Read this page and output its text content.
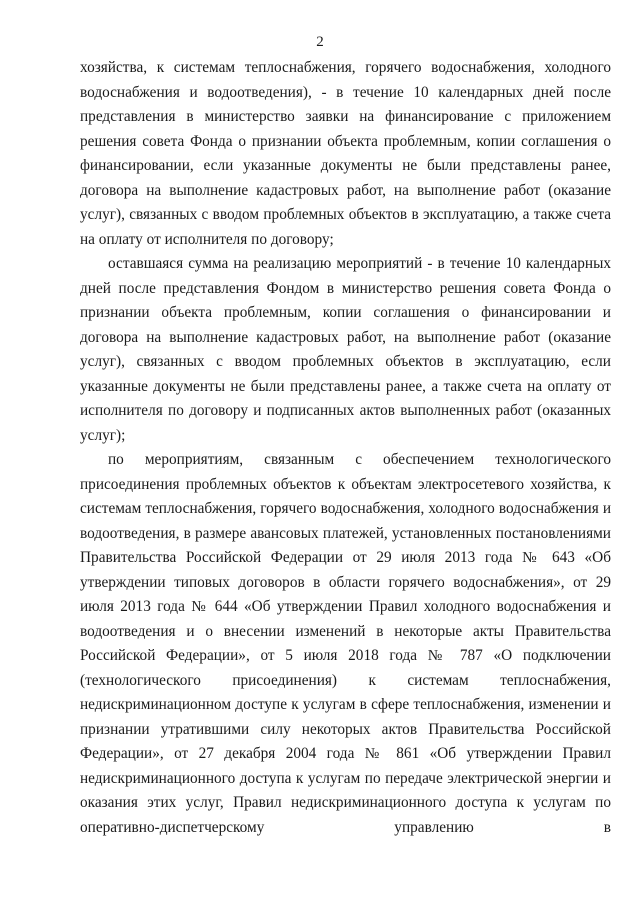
2

хозяйства, к системам теплоснабжения, горячего водоснабжения, холодного водоснабжения и водоотведения), - в течение 10 календарных дней после представления в министерство заявки на финансирование с приложением решения совета Фонда о признании объекта проблемным, копии соглашения о финансировании, если указанные документы не были представлены ранее, договора на выполнение кадастровых работ, на выполнение работ (оказание услуг), связанных с вводом проблемных объектов в эксплуатацию, а также счета на оплату от исполнителя по договору;

оставшаяся сумма на реализацию мероприятий - в течение 10 календарных дней после представления Фондом в министерство решения совета Фонда о признании объекта проблемным, копии соглашения о финансировании и договора на выполнение кадастровых работ, на выполнение работ (оказание услуг), связанных с вводом проблемных объектов в эксплуатацию, если указанные документы не были представлены ранее, а также счета на оплату от исполнителя по договору и подписанных актов выполненных работ (оказанных услуг);

по мероприятиям, связанным с обеспечением технологического присоединения проблемных объектов к объектам электросетевого хозяйства, к системам теплоснабжения, горячего водоснабжения, холодного водоснабжения и водоотведения, в размере авансовых платежей, установленных постановлениями Правительства Российской Федерации от 29 июля 2013 года № 643 «Об утверждении типовых договоров в области горячего водоснабжения», от 29 июля 2013 года № 644 «Об утверждении Правил холодного водоснабжения и водоотведения и о внесении изменений в некоторые акты Правительства Российской Федерации», от 5 июля 2018 года № 787 «О подключении (технологического присоединения) к системам теплоснабжения, недискриминационном доступе к услугам в сфере теплоснабжения, изменении и признании утратившими силу некоторых актов Правительства Российской Федерации», от 27 декабря 2004 года № 861 «Об утверждении Правил недискриминационного доступа к услугам по передаче электрической энергии и оказания этих услуг, Правил недискриминационного доступа к услугам по оперативно-диспетчерскому управлению в
